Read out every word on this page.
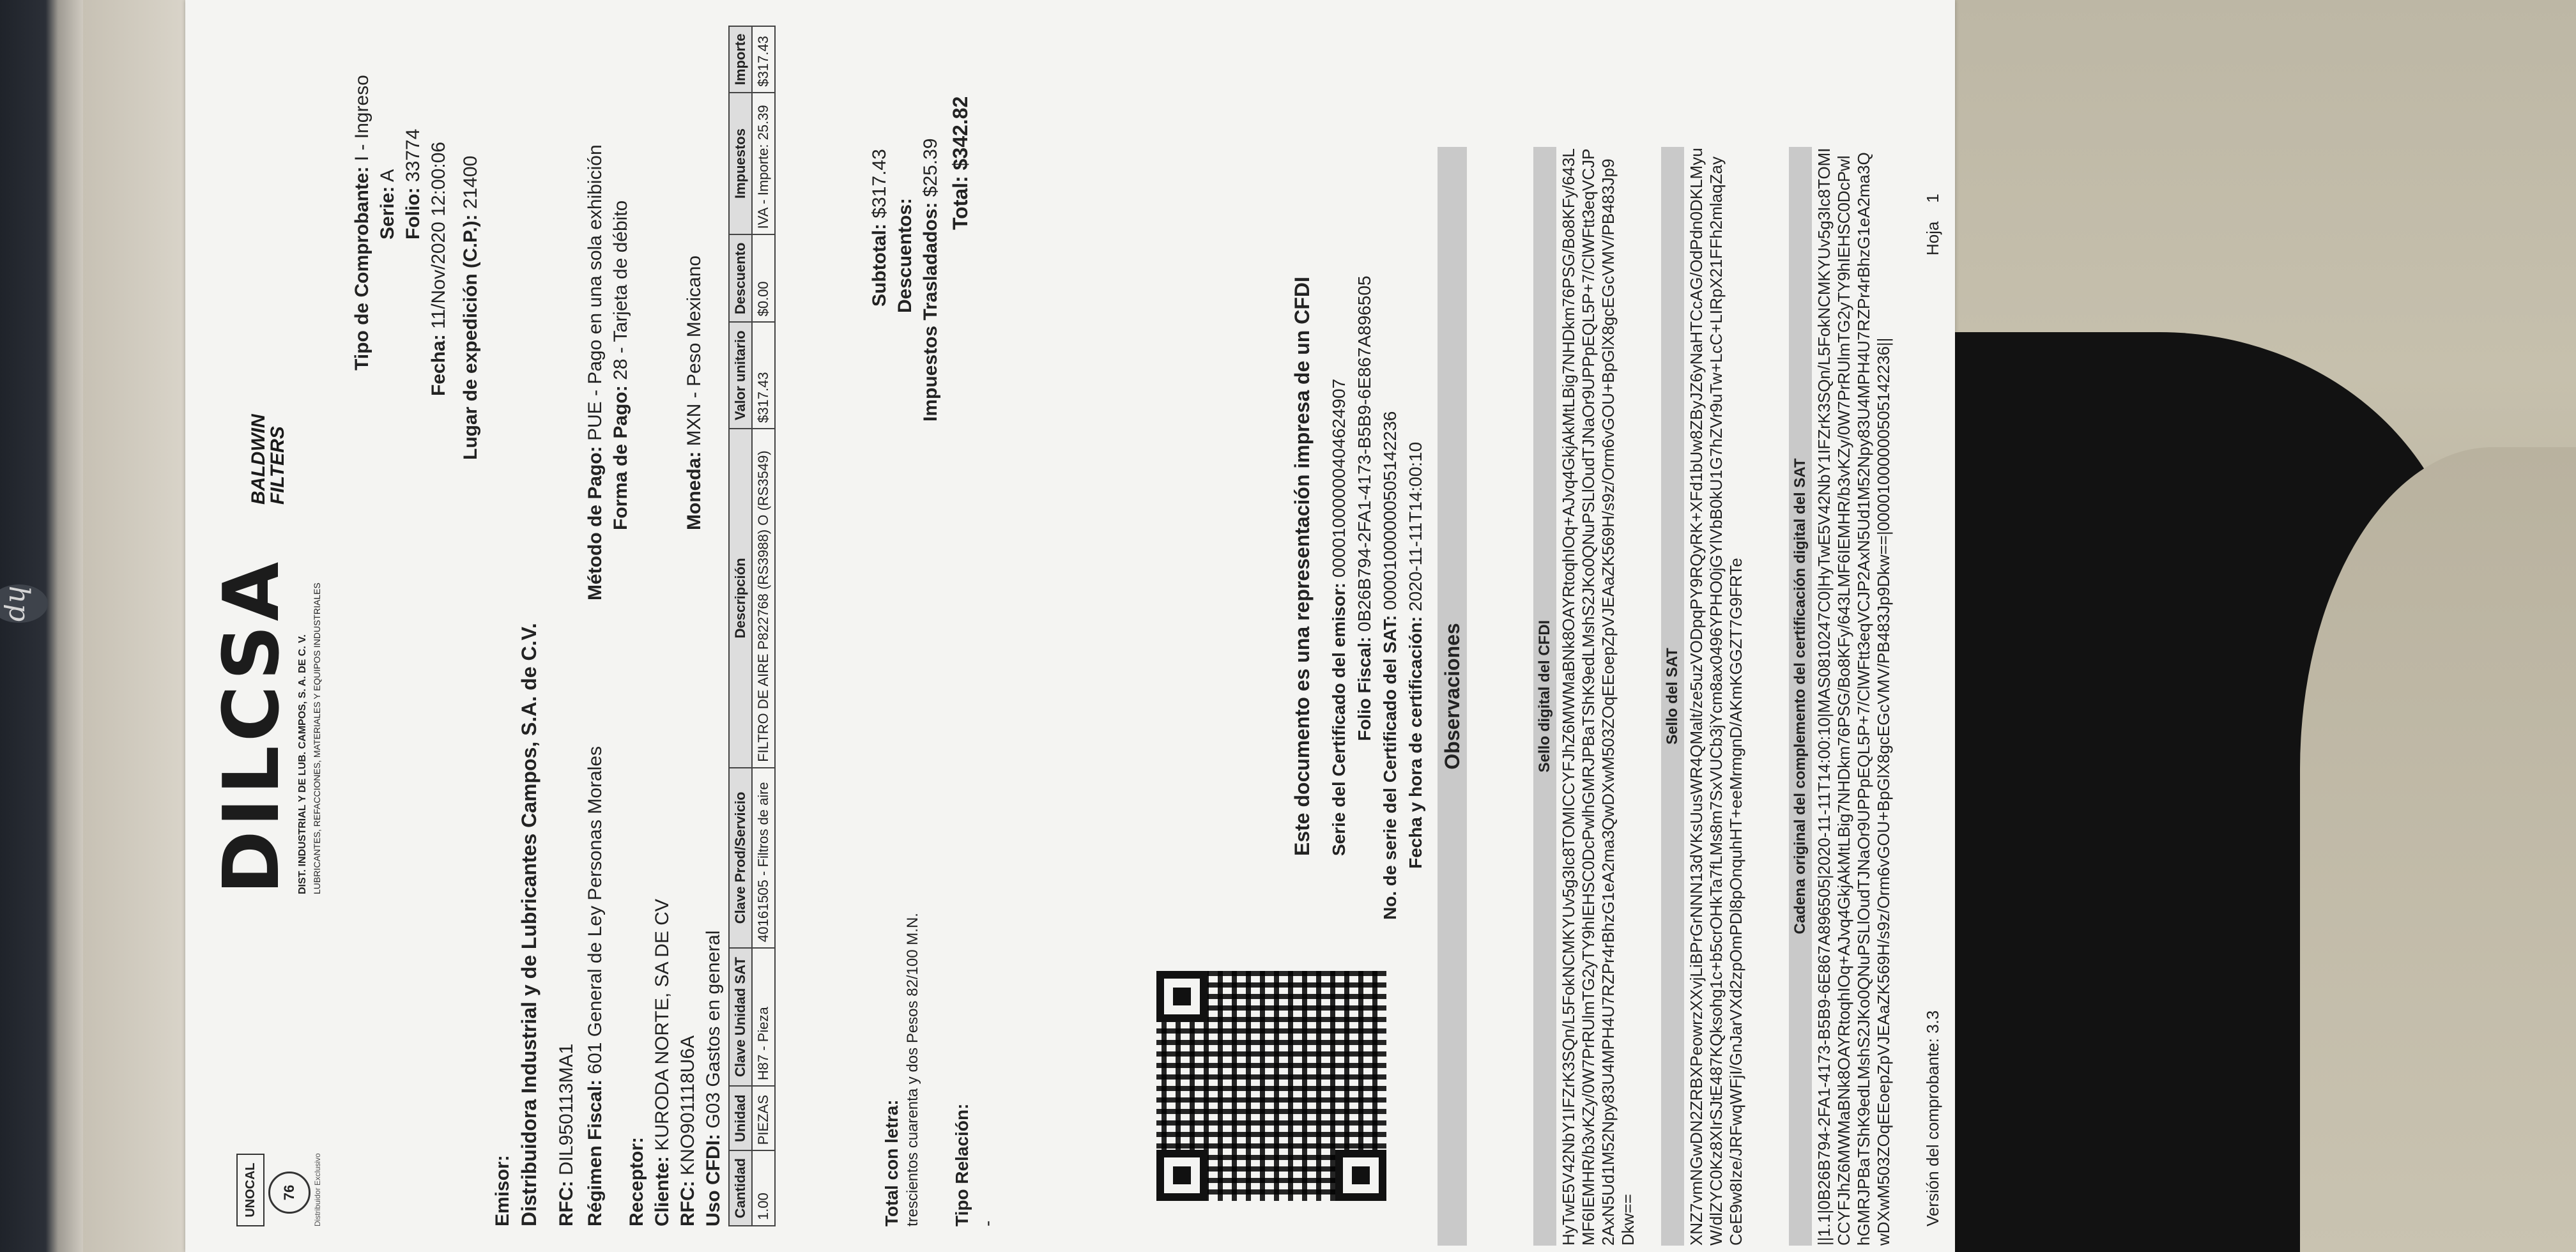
hp
UNOCAL 76 Distribuidor Exclusivo
DILCSA DIST. INDUSTRIAL Y DE LUB. CAMPOS, S. A. DE C. V. LUBRICANTES, REFACCIONES, MATERIALES Y EQUIPOS INDUSTRIALES
BALDWIN FILTERS
Tipo de Comprobante: I - Ingreso
Serie: A
Folio: 33774
Fecha: 11/Nov/2020 12:00:06 Lugar de expedición (C.P.): 21400
Emisor: Distribuidora Industrial y de Lubricantes Campos, S.A. de C.V. RFC: DIL950113MA1 Régimen Fiscal: 601 General de Ley Personas Morales
Método de Pago: PUE - Pago en una sola exhibición
Forma de Pago: 28 - Tarjeta de débito
Moneda: MXN - Peso Mexicano
Receptor: Cliente: KURODA NORTE, SA DE CV
RFC: KNO901118U6A
Uso CFDI: G03 Gastos en general
Cantidad	Unidad	Clave Unidad SAT	Clave Prod/Servicio	Descripción	Valor unitario	Descuento	Impuestos	Importe
1.00	PIEZAS	H87 - Pieza	40161505 - Filtros de aire	FILTRO DE AIRE P822768 (RS3988) O (RS3549)	$317.43	$0.00	IVA - Importe: 25.39	$317.43
Subtotal: $317.43
Descuentos: Impuestos Trasladados: $25.39
Total: $342.82
Total con letra: trescientos cuarenta y dos Pesos 82/100 M.N. Tipo Relación: -
Este documento es una representación impresa de un CFDI Serie del Certificado del emisor: 00001000000404624907
Folio Fiscal: 0B26B794-2FA1-4173-B5B9-6E867A896505
No. de serie del Certificado del SAT: 00001000000505142236
Fecha y hora de certificación: 2020-11-11T14:00:10
Observaciones	Sello digital del CFDI HyTwE5V42NbY1IFZrK3SQn/L5FokNCMKYUv5g3Ic8TOMICCYFJhZ6MWMaBNk8OAYRtoqhIOq+AJvq4GkjAkMtLBig7NHDkm76PSG/Bo8KFy/643LMF6IEMHR/b3vKZy/0W7PrRUlmTG2yTY9hIEHSC0DcPwlhGMRJPBaTShK9edLMshS2JKo0QNuPSLlOudTJNaOr9UPPpEQL5P+7/ClWFtt3eqVCJP2AxN5Ud1M52Npy83U4MPH4U7RZPr4rBhzG1eA2ma3QwDXwM503ZOqEEoepZpVJEAaZK569H/s9z/Orm6vGOU+BpGlX8gcEGcVMV/PB483Jp9Dkw==
Sello del SAT XNZ7vmNGwDN2ZRBXPeowrzXXvjLiBPrGrNNN13dVKsUusWR4QMalt/ze5uzVODpqPY9RQyRK+XFd1bUw8ZByJZ6yNaHTCcAG/OdPdn0DKLMyuW/dlZYC0Kz8XIrSJtE487KQksohg1c+b5crOHkTa7fLMs8m7SxVUCb3jYcm8ax0496YPHO0jGYlVbB0kU1G7hZVr9uTw+LcC+LIRpX21FFh2mlaqZayCeE9w8Ize/JRFwqWFjI/GnJarVXd2zpOmPDl8pOnquhHT+eeMrmgnD/AKmKGGZT7G9FRTe	Cadena original del complemento del certificación digital del SAT ||1.1|0B26B794-2FA1-4173-B5B9-6E867A896505|2020-11-11T14:00:10|MAS0810247C0|HyTwE5V42NbY1IFZrK3SQn/L5FokNCMKYUv5g3Ic8TOMICCYFJhZ6MWMaBNk8OAYRtoqhIOq+AJvq4GkjAkMtLBig7NHDkm76PSG/Bo8KFy/643LMF6IEMHR/b3vKZy/0W7PrRUlmTG2yTY9hIEHSC0DcPwlhGMRJPBaTShK9edLMshS2JKo0QNuPSLlOudTJNaOr9UPPpEQL5P+7/ClWFtt3eqVCJP2AxN5Ud1M52Npy83U4MPH4U7RZPr4rBhzG1eA2ma3QwDXwM503ZOqEEoepZpVJEAaZK569H/s9z/Orm6vGOU+BpGlX8gcEGcVMV/PB483Jp9Dkw==|00001000000505142236||	Versión del comprobante: 3.3
Hoja    1
